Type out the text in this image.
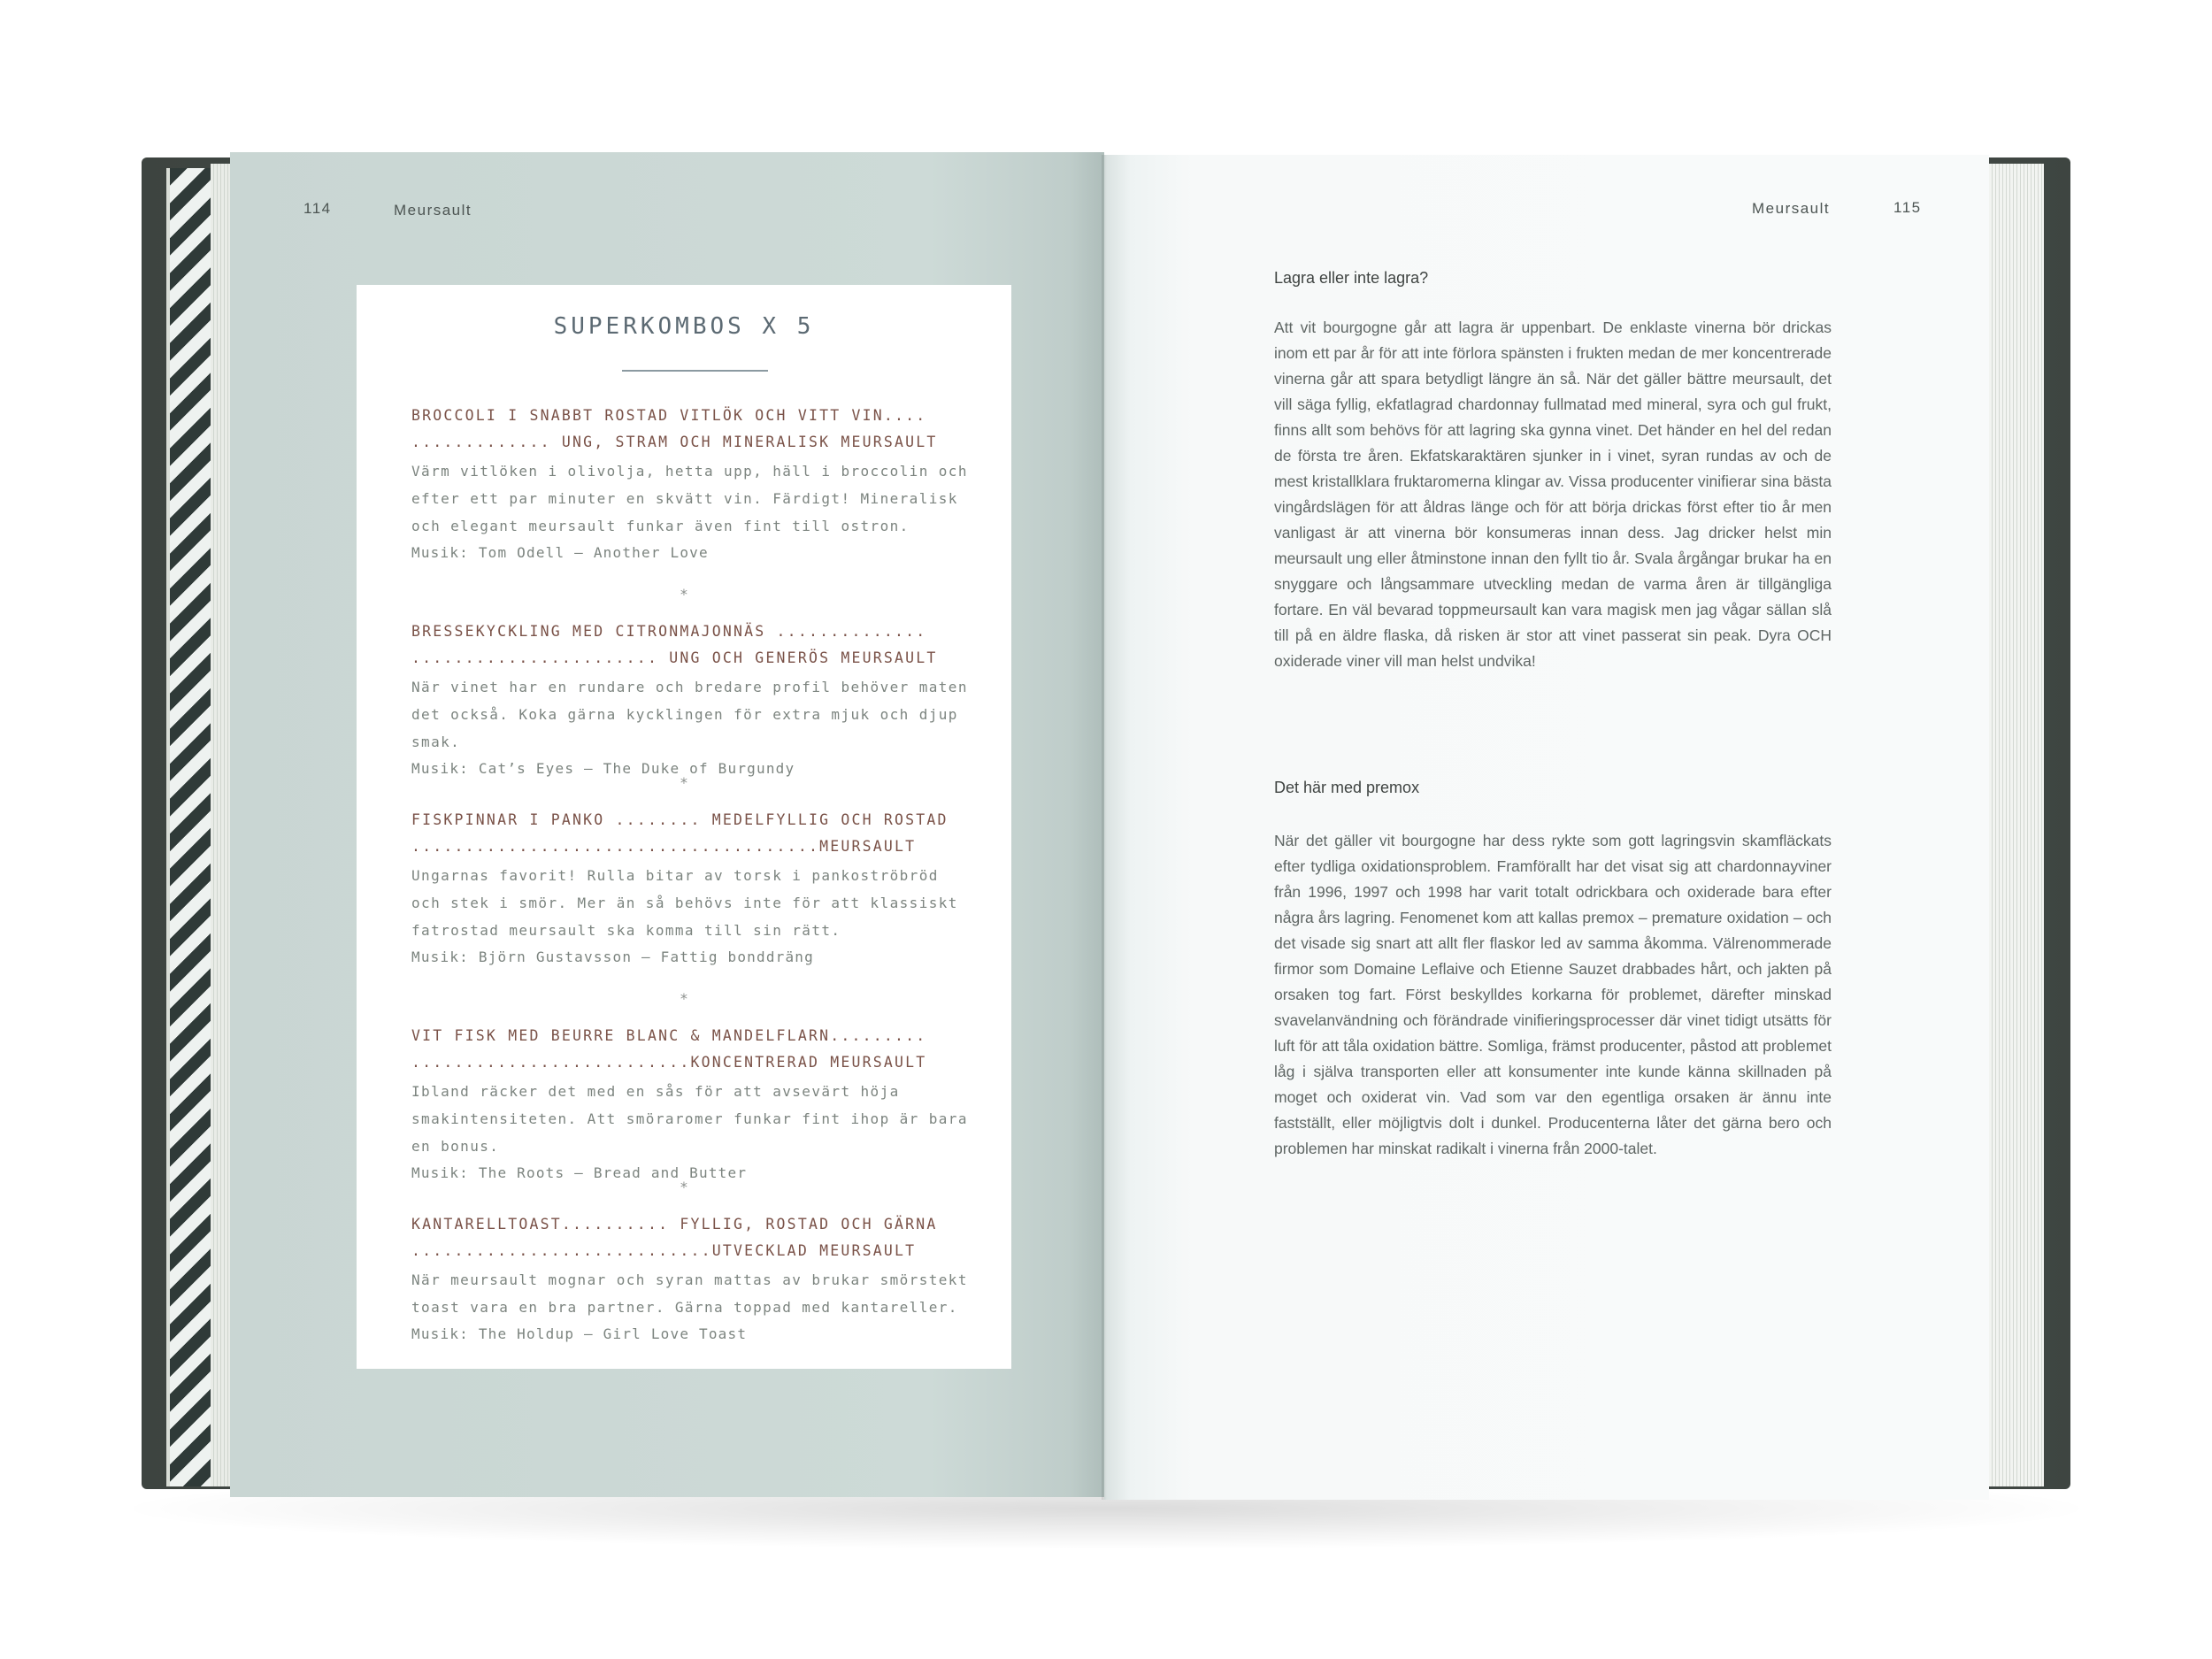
114	Meursault
SUPERKOMBOS X 5
BROCCOLI I SNABBT ROSTAD VITLÖK OCH VITT VIN....
............. UNG, STRAM OCH MINERALISK MEURSAULT
Värm vitlöken i olivolja, hetta upp, häll i broccolin och efter ett par minuter en skvätt vin. Färdigt! Mineralisk och elegant meursault funkar även fint till ostron.
Musik: Tom Odell – Another Love
*
BRESSEKYCKLING MED CITRONMAJONNÄS ..............
....................... UNG OCH GENERÖS MEURSAULT
När vinet har en rundare och bredare profil behöver maten det också. Koka gärna kycklingen för extra mjuk och djup smak.
Musik: Cat’s Eyes – The Duke of Burgundy
*
FISKPINNAR I PANKO ........ MEDELFYLLIG OCH ROSTAD
......................................MEURSAULT
Ungarnas favorit! Rulla bitar av torsk i pankoströbröd och stek i smör. Mer än så behövs inte för att klassiskt fatrostad meursault ska komma till sin rätt.
Musik: Björn Gustavsson – Fattig bonddräng
*
VIT FISK MED BEURRE BLANC & MANDELFLARN.........
..........................KONCENTRERAD MEURSAULT
Ibland räcker det med en sås för att avsevärt höja smakintensiteten. Att smöraromer funkar fint ihop är bara en bonus.
Musik: The Roots – Bread and Butter
*
KANTARELLTOAST.......... FYLLIG, ROSTAD OCH GÄRNA
............................UTVECKLAD MEURSAULT
När meursault mognar och syran mattas av brukar smörstekt toast vara en bra partner. Gärna toppad med kantareller.
Musik: The Holdup – Girl Love Toast
Meursault	115
Lagra eller inte lagra?

Att vit bourgogne går att lagra är uppenbart. De enklaste vinerna bör drickas inom ett par år för att inte förlora spänsten i frukten medan de mer koncentrerade vinerna går att spara betydligt längre än så. När det gäller bättre meursault, det vill säga fyllig, ekfatlagrad chardonnay fullmatad med mineral, syra och gul frukt, finns allt som behövs för att lagring ska gynna vinet. Det händer en hel del redan de första tre åren. Ekfatskaraktären sjunker in i vinet, syran rundas av och de mest kristallklara fruktaromerna klingar av. Vissa producenter vinifierar sina bästa vingårdslägen för att åldras länge och för att börja drickas först efter tio år men vanligast är att vinerna bör konsumeras innan dess. Jag dricker helst min meursault ung eller åtminstone innan den fyllt tio år. Svala årgångar brukar ha en snyggare och långsammare utveckling medan de varma åren är tillgängliga fortare. En väl bevarad toppmeursault kan vara magisk men jag vågar sällan slå till på en äldre flaska, då risken är stor att vinet passerat sin peak. Dyra OCH oxiderade viner vill man helst undvika!

Det här med premox

När det gäller vit bourgogne har dess rykte som gott lagringsvin skamfläckats efter tydliga oxidationsproblem. Framförallt har det visat sig att chardonnayviner från 1996, 1997 och 1998 har varit totalt odrickbara och oxiderade bara efter några års lagring. Fenomenet kom att kallas premox – premature oxidation – och det visade sig snart att allt fler flaskor led av samma åkomma. Välrenommerade firmor som Domaine Leflaive och Etienne Sauzet drabbades hårt, och jakten på orsaken tog fart. Först beskylldes korkarna för problemet, därefter minskad svavelanvändning och förändrade vinifieringsprocesser där vinet tidigt utsätts för luft för att tåla oxidation bättre. Somliga, främst producenter, påstod att problemet låg i själva transporten eller att konsumenter inte kunde känna skillnaden på moget och oxiderat vin. Vad som var den egentliga orsaken är ännu inte fastställt, eller möjligtvis dolt i dunkel. Producenterna låter det gärna bero och problemen har minskat radikalt i vinerna från 2000-talet.
